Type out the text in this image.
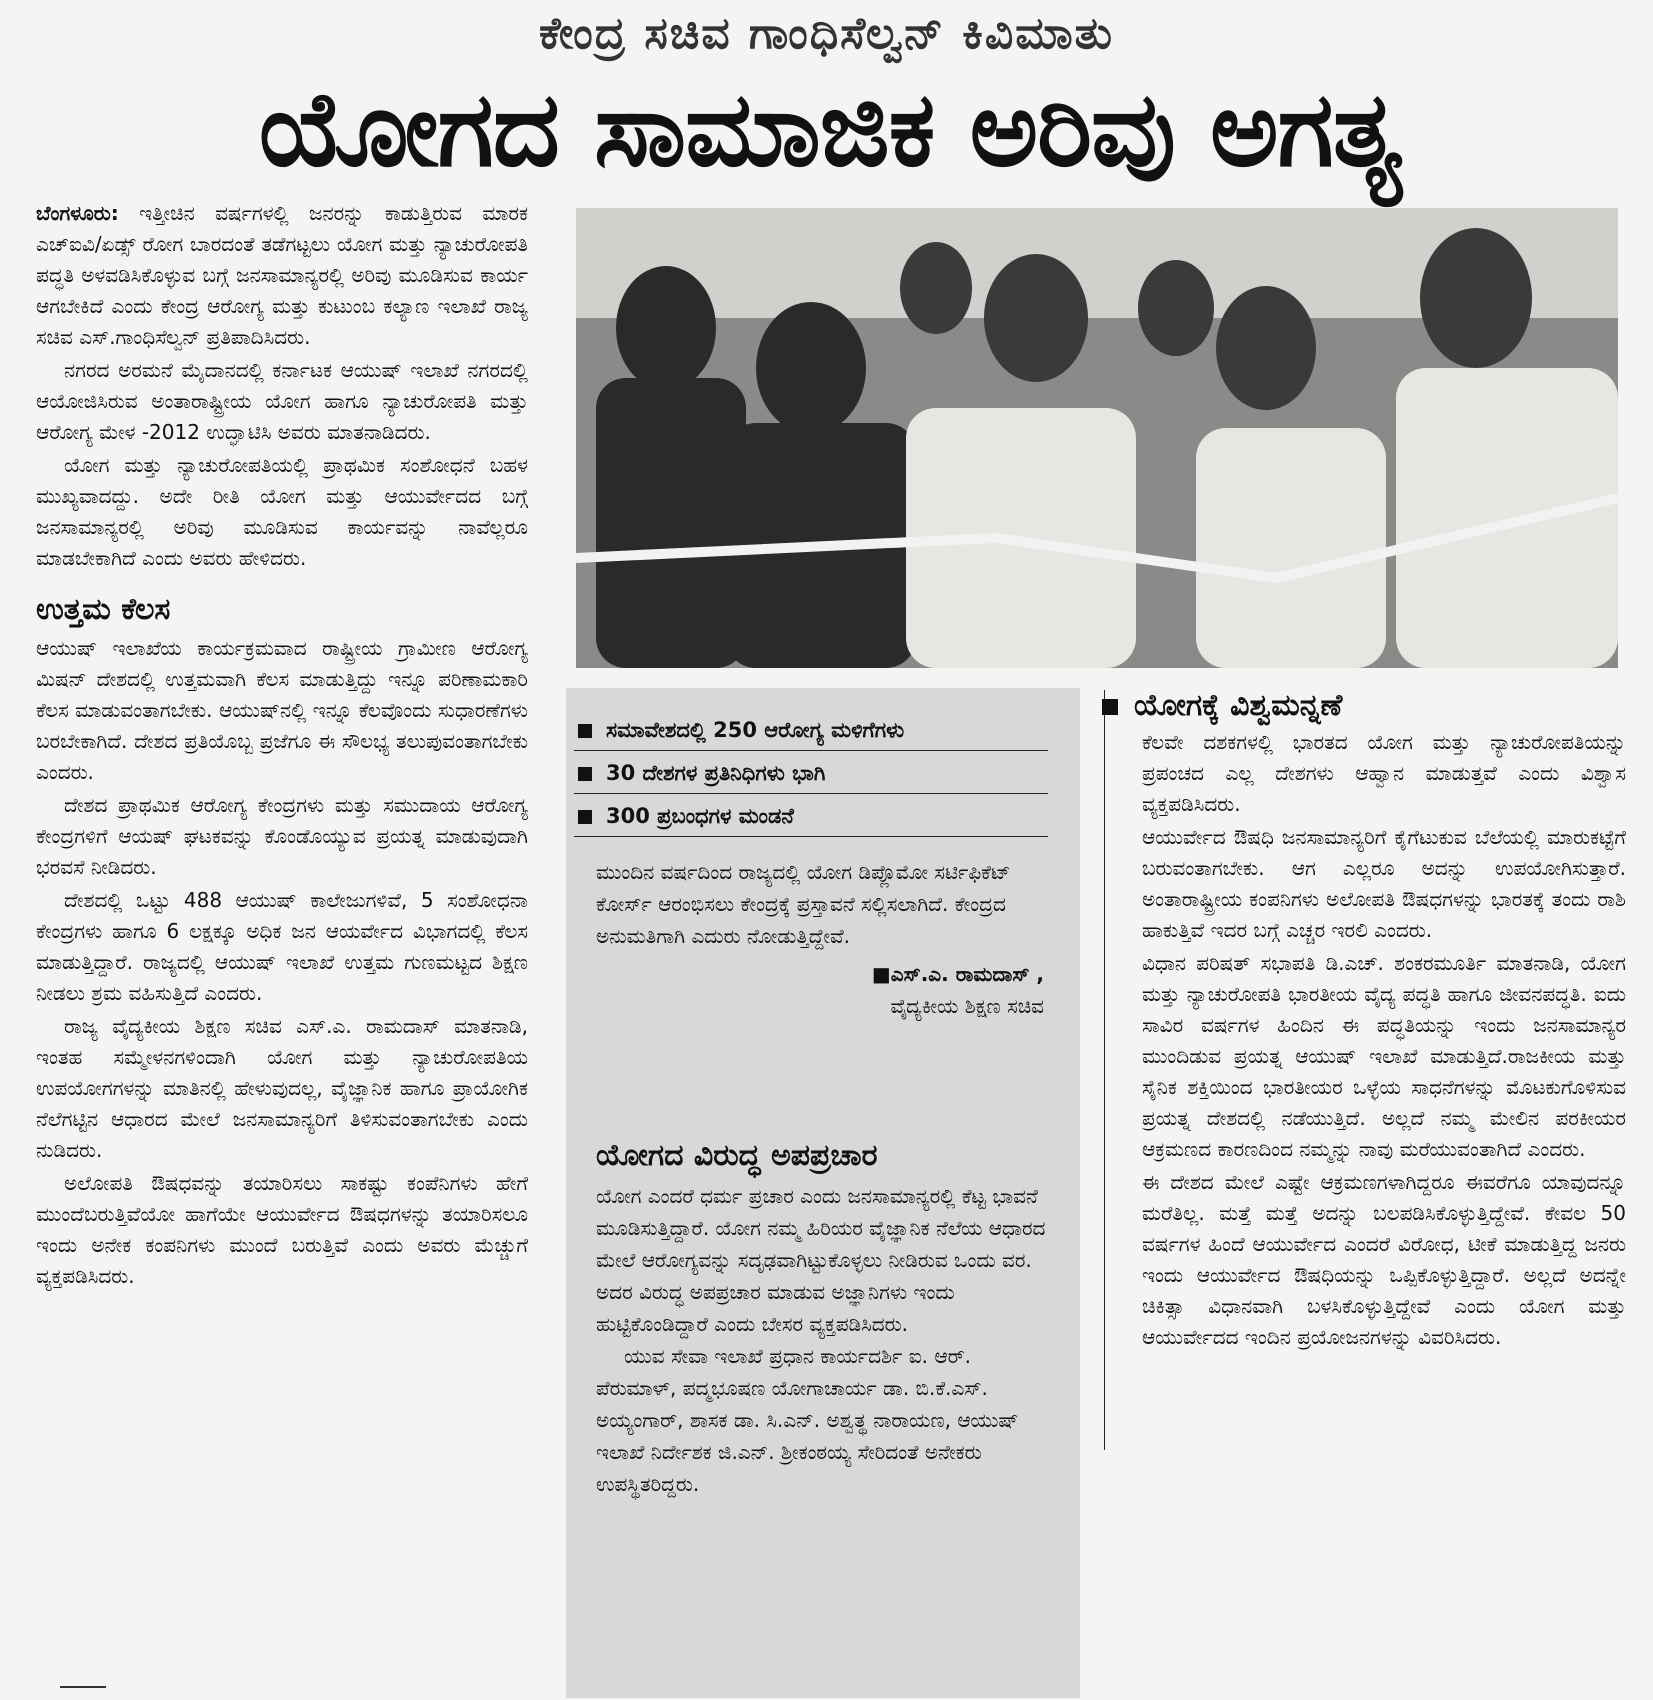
ಕೇಂದ್ರ ಸಚಿವ ಗಾಂಧಿಸೆಲ್ವನ್ ಕಿವಿಮಾತು
ಯೋಗದ ಸಾಮಾಜಿಕ ಅರಿವು ಅಗತ್ಯ

ಬೆಂಗಳೂರು: ಇತ್ತೀಚಿನ ವರ್ಷಗಳಲ್ಲಿ ಜನರನ್ನು ಕಾಡುತ್ತಿರುವ ಮಾರಕ ಎಚ್‌ಐವಿ/ಏಡ್ಸ್ ರೋಗ ಬಾರದಂತೆ ತಡೆಗಟ್ಟಲು ಯೋಗ ಮತ್ತು ನ್ಯಾಚುರೋಪತಿ ಪದ್ಧತಿ ಅಳವಡಿಸಿಕೊಳ್ಳುವ ಬಗ್ಗೆ ಜನಸಾಮಾನ್ಯರಲ್ಲಿ ಅರಿವು ಮೂಡಿಸುವ ಕಾರ್ಯ ಆಗಬೇಕಿದೆ ಎಂದು ಕೇಂದ್ರ ಆರೋಗ್ಯ ಮತ್ತು ಕುಟುಂಬ ಕಲ್ಯಾಣ ಇಲಾಖೆ ರಾಜ್ಯ ಸಚಿವ ಎಸ್.ಗಾಂಧಿಸೆಲ್ವನ್ ಪ್ರತಿಪಾದಿಸಿದರು.

ನಗರದ ಅರಮನೆ ಮೈದಾನದಲ್ಲಿ ಕರ್ನಾಟಕ ಆಯುಷ್ ಇಲಾಖೆ ನಗರದಲ್ಲಿ ಆಯೋಜಿಸಿರುವ ಅಂತಾರಾಷ್ಟ್ರೀಯ ಯೋಗ ಹಾಗೂ ನ್ಯಾಚುರೋಪತಿ ಮತ್ತು ಆರೋಗ್ಯ ಮೇಳ -2012 ಉದ್ಘಾಟಿಸಿ ಅವರು ಮಾತನಾಡಿದರು.

ಯೋಗ ಮತ್ತು ನ್ಯಾಚುರೋಪತಿಯಲ್ಲಿ ಪ್ರಾಥಮಿಕ ಸಂಶೋಧನೆ ಬಹಳ ಮುಖ್ಯವಾದದ್ದು. ಅದೇ ರೀತಿ ಯೋಗ ಮತ್ತು ಆಯುರ್ವೇದದ ಬಗ್ಗೆ ಜನಸಾಮಾನ್ಯರಲ್ಲಿ ಅರಿವು ಮೂಡಿಸುವ ಕಾರ್ಯವನ್ನು ನಾವೆಲ್ಲರೂ ಮಾಡಬೇಕಾಗಿದೆ ಎಂದು ಅವರು ಹೇಳಿದರು.

ಉತ್ತಮ ಕೆಲಸ

ಆಯುಷ್ ಇಲಾಖೆಯ ಕಾರ್ಯಕ್ರಮವಾದ ರಾಷ್ಟ್ರೀಯ ಗ್ರಾಮೀಣ ಆರೋಗ್ಯ ಮಿಷನ್ ದೇಶದಲ್ಲಿ ಉತ್ತಮವಾಗಿ ಕೆಲಸ ಮಾಡುತ್ತಿದ್ದು ಇನ್ನೂ ಪರಿಣಾಮಕಾರಿ ಕೆಲಸ ಮಾಡುವಂತಾಗಬೇಕು. ಆಯುಷ್‌ನಲ್ಲಿ ಇನ್ನೂ ಕೆಲವೊಂದು ಸುಧಾರಣೆಗಳು ಬರಬೇಕಾಗಿದೆ. ದೇಶದ ಪ್ರತಿಯೊಬ್ಬ ಪ್ರಜೆಗೂ ಈ ಸೌಲಭ್ಯ ತಲುಪುವಂತಾಗಬೇಕು ಎಂದರು.

ದೇಶದ ಪ್ರಾಥಮಿಕ ಆರೋಗ್ಯ ಕೇಂದ್ರಗಳು ಮತ್ತು ಸಮುದಾಯ ಆರೋಗ್ಯ ಕೇಂದ್ರಗಳಿಗೆ ಆಯಷ್ ಘಟಕವನ್ನು ಕೊಂಡೊಯ್ಯುವ ಪ್ರಯತ್ನ ಮಾಡುವುದಾಗಿ ಭರವಸೆ ನೀಡಿದರು.

ದೇಶದಲ್ಲಿ ಒಟ್ಟು 488 ಆಯುಷ್ ಕಾಲೇಜುಗಳಿವೆ, 5 ಸಂಶೋಧನಾ ಕೇಂದ್ರಗಳು ಹಾಗೂ 6 ಲಕ್ಷಕ್ಕೂ ಅಧಿಕ ಜನ ಆಯರ್ವೇದ ವಿಭಾಗದಲ್ಲಿ ಕೆಲಸ ಮಾಡುತ್ತಿದ್ದಾರೆ. ರಾಜ್ಯದಲ್ಲಿ ಆಯುಷ್ ಇಲಾಖೆ ಉತ್ತಮ ಗುಣಮಟ್ಟದ ಶಿಕ್ಷಣ ನೀಡಲು ಶ್ರಮ ವಹಿಸುತ್ತಿದೆ ಎಂದರು.

ರಾಜ್ಯ ವೈದ್ಯಕೀಯ ಶಿಕ್ಷಣ ಸಚಿವ ಎಸ್.ಎ. ರಾಮದಾಸ್ ಮಾತನಾಡಿ, ಇಂತಹ ಸಮ್ಮೇಳನಗಳಿಂದಾಗಿ ಯೋಗ ಮತ್ತು ನ್ಯಾಚುರೋಪತಿಯ ಉಪಯೋಗಗಳನ್ನು ಮಾತಿನಲ್ಲಿ ಹೇಳುವುದಲ್ಲ, ವೈಜ್ಞಾನಿಕ ಹಾಗೂ ಪ್ರಾಯೋಗಿಕ ನೆಲೆಗಟ್ಟಿನ ಆಧಾರದ ಮೇಲೆ ಜನಸಾಮಾನ್ಯರಿಗೆ ತಿಳಿಸುವಂತಾಗಬೇಕು ಎಂದು ನುಡಿದರು.

ಅಲೋಪತಿ ಔಷಧವನ್ನು ತಯಾರಿಸಲು ಸಾಕಷ್ಟು ಕಂಪೆನಿಗಳು ಹೇಗೆ ಮುಂದೆಬರುತ್ತಿವೆಯೋ ಹಾಗೆಯೇ ಆಯುರ್ವೇದ ಔಷಧಗಳನ್ನು ತಯಾರಿಸಲೂ ಇಂದು ಅನೇಕ ಕಂಪನಿಗಳು ಮುಂದೆ ಬರುತ್ತಿವೆ ಎಂದು ಅವರು ಮೆಚ್ಚುಗೆ ವ್ಯಕ್ತಪಡಿಸಿದರು.

ಸಮಾವೇಶದಲ್ಲಿ 250 ಆರೋಗ್ಯ ಮಳಿಗೆಗಳು
30 ದೇಶಗಳ ಪ್ರತಿನಿಧಿಗಳು ಭಾಗಿ
300 ಪ್ರಬಂಧಗಳ ಮಂಡನೆ

ಮುಂದಿನ ವರ್ಷದಿಂದ ರಾಜ್ಯದಲ್ಲಿ ಯೋಗ ಡಿಪ್ಲೊಮೋ ಸರ್ಟಿಫಿಕೆಟ್ ಕೋರ್ಸ್ ಆರಂಭಿಸಲು ಕೇಂದ್ರಕ್ಕೆ ಪ್ರಸ್ತಾವನೆ ಸಲ್ಲಿಸಲಾಗಿದೆ. ಕೇಂದ್ರದ ಅನುಮತಿಗಾಗಿ ಎದುರು ನೋಡುತ್ತಿದ್ದೇವೆ.

■ಎಸ್.ಎ. ರಾಮದಾಸ್ ,
ವೈದ್ಯಕೀಯ ಶಿಕ್ಷಣ ಸಚಿವ
ಯೋಗದ ವಿರುದ್ಧ ಅಪಪ್ರಚಾರ

ಯೋಗ ಎಂದರೆ ಧರ್ಮ ಪ್ರಚಾರ ಎಂದು ಜನಸಾಮಾನ್ಯರಲ್ಲಿ ಕೆಟ್ಟ ಭಾವನೆ ಮೂಡಿಸುತ್ತಿದ್ದಾರೆ. ಯೋಗ ನಮ್ಮ ಹಿರಿಯರ ವೈಜ್ಞಾನಿಕ ನೆಲೆಯ ಆಧಾರದ ಮೇಲೆ ಆರೋಗ್ಯವನ್ನು ಸದೃಢವಾಗಿಟ್ಟುಕೊಳ್ಳಲು ನೀಡಿರುವ ಒಂದು ವರ. ಅದರ ವಿರುದ್ಧ ಅಪಪ್ರಚಾರ ಮಾಡುವ ಅಜ್ಞಾನಿಗಳು ಇಂದು ಹುಟ್ಟಿಕೊಂಡಿದ್ದಾರೆ ಎಂದು ಬೇಸರ ವ್ಯಕ್ತಪಡಿಸಿದರು.

ಯುವ ಸೇವಾ ಇಲಾಖೆ ಪ್ರಧಾನ ಕಾರ್ಯದರ್ಶಿ ಐ. ಆರ್. ಪೆರುಮಾಳ್, ಪದ್ಮಭೂಷಣ ಯೋಗಾಚಾರ್ಯ ಡಾ. ಬಿ.ಕೆ.ಎಸ್. ಅಯ್ಯಂಗಾರ್, ಶಾಸಕ ಡಾ. ಸಿ.ಎನ್. ಅಶ್ವತ್ಥ ನಾರಾಯಣ, ಆಯುಷ್ ಇಲಾಖೆ ನಿರ್ದೇಶಕ ಜಿ.ಎನ್. ಶ್ರೀಕಂಠಯ್ಯ ಸೇರಿದಂತೆ ಅನೇಕರು ಉಪಸ್ಥಿತರಿದ್ದರು.

ಯೋಗಕ್ಕೆ ವಿಶ್ವಮನ್ನಣೆ

ಕೆಲವೇ ದಶಕಗಳಲ್ಲಿ ಭಾರತದ ಯೋಗ ಮತ್ತು ನ್ಯಾಚುರೋಪತಿಯನ್ನು ಪ್ರಪಂಚದ ಎಲ್ಲ ದೇಶಗಳು ಆಹ್ವಾನ ಮಾಡುತ್ತವೆ ಎಂದು ವಿಶ್ವಾಸ ವ್ಯಕ್ತಪಡಿಸಿದರು.

ಆಯುರ್ವೇದ ಔಷಧಿ ಜನಸಾಮಾನ್ಯರಿಗೆ ಕೈಗೆಟುಕುವ ಬೆಲೆಯಲ್ಲಿ ಮಾರುಕಟ್ಟೆಗೆ ಬರುವಂತಾಗಬೇಕು. ಆಗ ಎಲ್ಲರೂ ಅದನ್ನು ಉಪಯೋಗಿಸುತ್ತಾರೆ. ಅಂತಾರಾಷ್ಟ್ರೀಯ ಕಂಪನಿಗಳು ಅಲೋಪತಿ ಔಷಧಗಳನ್ನು ಭಾರತಕ್ಕೆ ತಂದು ರಾಶಿ ಹಾಕುತ್ತಿವೆ ಇದರ ಬಗ್ಗೆ ಎಚ್ಚರ ಇರಲಿ ಎಂದರು.

ವಿಧಾನ ಪರಿಷತ್ ಸಭಾಪತಿ ಡಿ.ಎಚ್. ಶಂಕರಮೂರ್ತಿ ಮಾತನಾಡಿ, ಯೋಗ ಮತ್ತು ನ್ಯಾಚುರೋಪತಿ ಭಾರತೀಯ ವೈದ್ಯ ಪದ್ಧತಿ ಹಾಗೂ ಜೀವನಪದ್ಧತಿ. ಐದು ಸಾವಿರ ವರ್ಷಗಳ ಹಿಂದಿನ ಈ ಪದ್ಧತಿಯನ್ನು ಇಂದು ಜನಸಾಮಾನ್ಯರ ಮುಂದಿಡುವ ಪ್ರಯತ್ನ ಆಯುಷ್ ಇಲಾಖೆ ಮಾಡುತ್ತಿದೆ.ರಾಜಕೀಯ ಮತ್ತು ಸೈನಿಕ ಶಕ್ತಿಯಿಂದ ಭಾರತೀಯರ ಒಳ್ಳೆಯ ಸಾಧನೆಗಳನ್ನು ಮೊಟಕುಗೊಳಿಸುವ ಪ್ರಯತ್ನ ದೇಶದಲ್ಲಿ ನಡೆಯುತ್ತಿದೆ. ಅಲ್ಲದೆ ನಮ್ಮ ಮೇಲಿನ ಪರಕೀಯರ ಆಕ್ರಮಣದ ಕಾರಣದಿಂದ ನಮ್ಮನ್ನು ನಾವು ಮರೆಯುವಂತಾಗಿದೆ ಎಂದರು.

ಈ ದೇಶದ ಮೇಲೆ ಎಷ್ಟೇ ಆಕ್ರಮಣಗಳಾಗಿದ್ದರೂ ಈವರೆಗೂ ಯಾವುದನ್ನೂ ಮರೆತಿಲ್ಲ. ಮತ್ತೆ ಮತ್ತೆ ಅದನ್ನು ಬಲಪಡಿಸಿಕೊಳ್ಳುತ್ತಿದ್ದೇವೆ. ಕೇವಲ 50 ವರ್ಷಗಳ ಹಿಂದೆ ಆಯುರ್ವೇದ ಎಂದರೆ ವಿರೋಧ, ಟೀಕೆ ಮಾಡುತ್ತಿದ್ದ ಜನರು ಇಂದು ಆಯುರ್ವೇದ ಔಷಧಿಯನ್ನು ಒಪ್ಪಿಕೊಳ್ಳುತ್ತಿದ್ದಾರೆ. ಅಲ್ಲದೆ ಅದನ್ನೇ ಚಿಕಿತ್ಸಾ ವಿಧಾನವಾಗಿ ಬಳಸಿಕೊಳ್ಳುತ್ತಿದ್ದೇವೆ ಎಂದು ಯೋಗ ಮತ್ತು ಆಯುರ್ವೇದದ ಇಂದಿನ ಪ್ರಯೋಜನಗಳನ್ನು ವಿವರಿಸಿದರು.
